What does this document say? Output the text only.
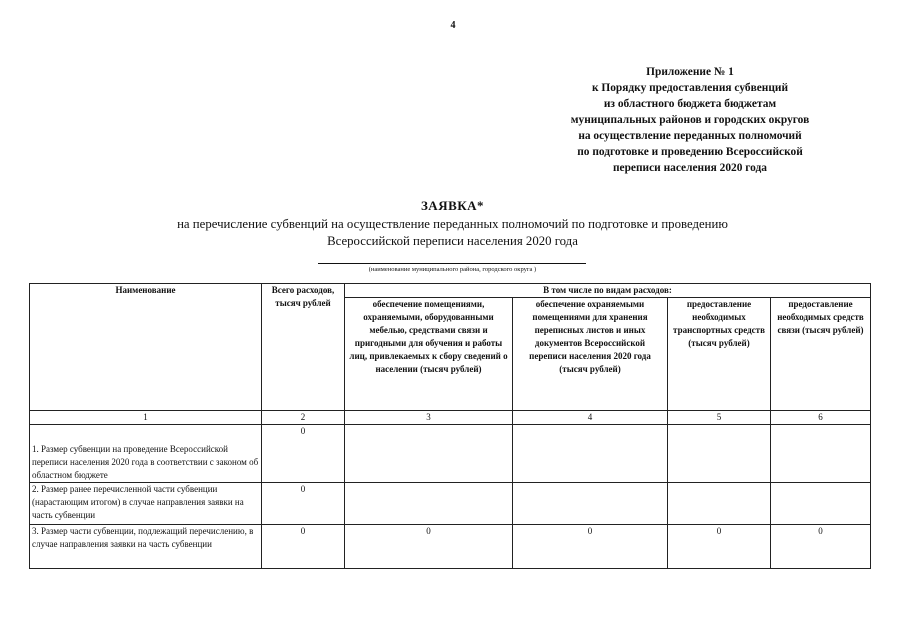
4
Приложение № 1
к Порядку предоставления субвенций
из областного бюджета бюджетам
муниципальных районов и городских округов
на осуществление переданных полномочий
по подготовке и проведению Всероссийской
переписи населения 2020 года
ЗАЯВКА*
на перечисление субвенций на осуществление переданных полномочий по подготовке и проведению
Всероссийской переписи населения 2020 года
(наименование муниципального района, городского округа )
Наименование	Всего расходов, тысяч рублей	В том числе по видам расходов:			
		обеспечение помещениями, охраняемыми, оборудованными мебелью, средствами связи и пригодными для обучения и работы лиц, привлекаемых к сбору сведений о населении (тысяч рублей)	обеспечение охраняемыми помещениями для хранения переписных листов и иных документов Всероссийской переписи населения 2020 года (тысяч рублей)	предоставление необходимых транспортных средств (тысяч рублей)	предоставление необходимых средств связи (тысяч рублей)
1	2	3	4	5	6
1. Размер субвенции на проведение Всероссийской переписи населения 2020 года в соответствии с законом об областном бюджете	0				
2. Размер ранее перечисленной части субвенции (нарастающим итогом) в случае направления заявки на часть субвенции	0				
3. Размер части субвенции, подлежащий перечислению, в случае направления заявки на часть субвенции	0	0	0	0	0
